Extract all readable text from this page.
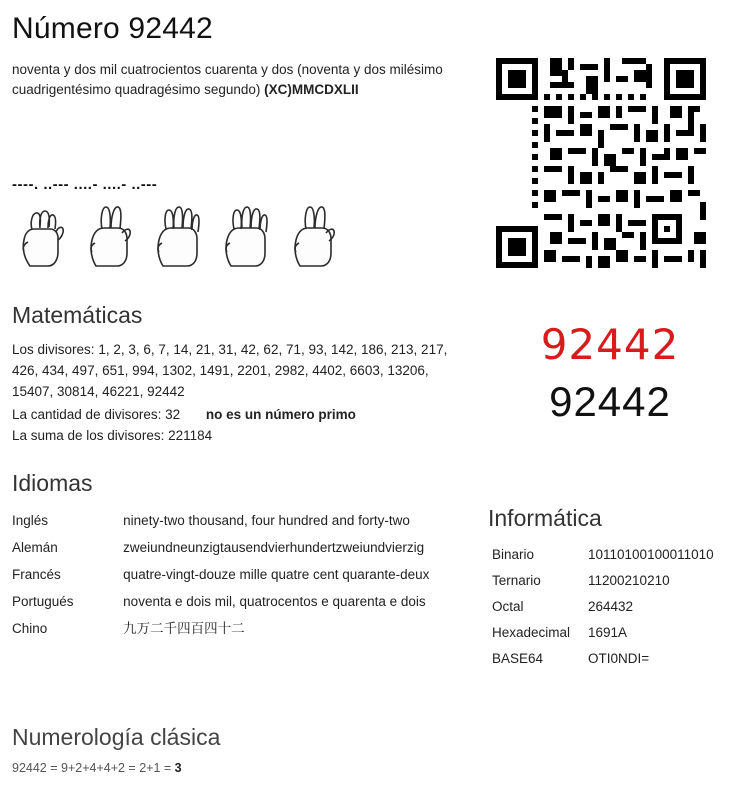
Número 92442
noventa y dos mil cuatrocientos cuarenta y dos (noventa y dos milésimo cuadrigentésimo quadragésimo segundo) (XC)MMCDXLII
----. ..--- ....- ....- ..---
92442
92442
Matemáticas
Los divisores: 1, 2, 3, 6, 7, 14, 21, 31, 42, 62, 71, 93, 142, 186, 213, 217, 426, 434, 497, 651, 994, 1302, 1491, 2201, 2982, 4402, 6603, 13206, 15407, 30814, 46221, 92442
La cantidad de divisores: 32 no es un número primo
La suma de los divisores: 221184
Idiomas
Inglés	ninety-two thousand, four hundred and forty-two
Alemán	zweiundneunzigtausendvierhundertzweiundvierzig
Francés	quatre-vingt-douze mille quatre cent quarante-deux
Portugués	noventa e dois mil, quatrocentos e quarenta e dois
Chino	九万二千四百四十二
Informática
Binario	10110100100011010
Ternario	11200210210
Octal	264432
Hexadecimal	1691A
BASE64	OTI0NDI=
Numerología clásica
92442 = 9+2+4+4+2 = 2+1 = 3
